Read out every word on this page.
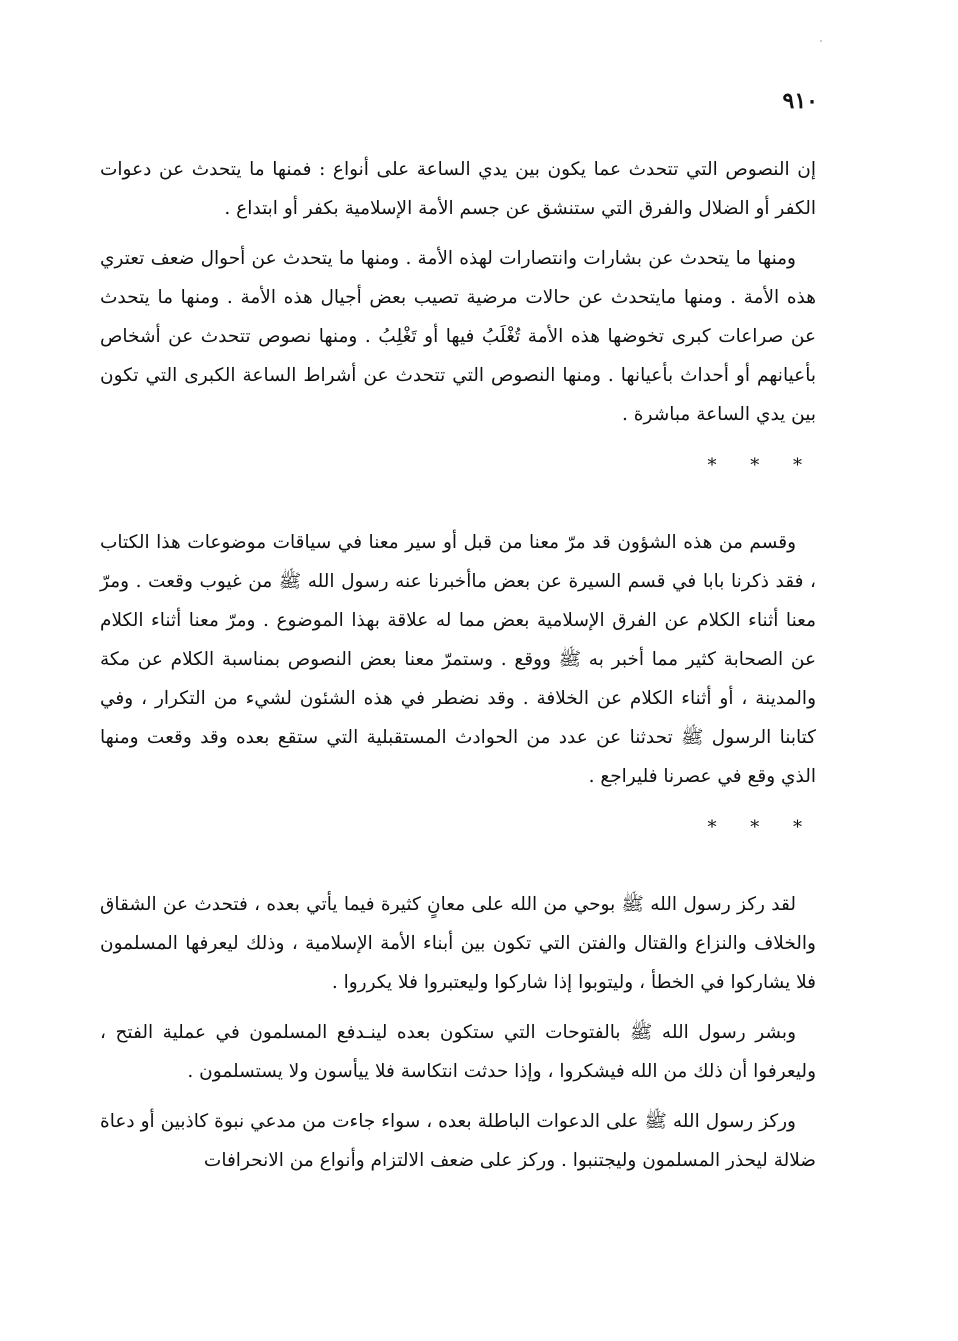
٩١٠

إن النصوص التي تتحدث عما يكون بين يدي الساعة على أنواع : فمنها ما يتحدث عن دعوات الكفر أو الضلال والفرق التي ستنشق عن جسم الأمة الإسلامية بكفر أو ابتداع .

ومنها ما يتحدث عن بشارات وانتصارات لهذه الأمة . ومنها ما يتحدث عن أحوال ضعف تعتري هذه الأمة . ومنها مايتحدث عن حالات مرضية تصيب بعض أجيال هذه الأمة . ومنها ما يتحدث عن صراعات كبرى تخوضها هذه الأمة تُغْلَبُ فيها أو تَغْلِبُ . ومنها نصوص تتحدث عن أشخاص بأعيانهم أو أحداث بأعيانها . ومنها النصوص التي تتحدث عن أشراط الساعة الكبرى التي تكون بين يدي الساعة مباشرة .

* * *

وقسم من هذه الشؤون قد مرّ معنا من قبل أو سير معنا في سياقات موضوعات هذا الكتاب ، فقد ذكرنا بابا في قسم السيرة عن بعض ماأخبرنا عنه رسول الله ﷺ من غيوب وقعت . ومرّ معنا أثناء الكلام عن الفرق الإسلامية بعض مما له علاقة بهذا الموضوع . ومرّ معنا أثناء الكلام عن الصحابة كثير مما أخبر به ﷺ ووقع . وستمرّ معنا بعض النصوص بمناسبة الكلام عن مكة والمدينة ، أو أثناء الكلام عن الخلافة . وقد نضطر في هذه الشئون لشيء من التكرار ، وفي كتابنا الرسول ﷺ تحدثنا عن عدد من الحوادث المستقبلية التي ستقع بعده وقد وقعت ومنها الذي وقع في عصرنا فليراجع .

* * *

لقد ركز رسول الله ﷺ بوحي من الله على معانٍ كثيرة فيما يأتي بعده ، فتحدث عن الشقاق والخلاف والنزاع والقتال والفتن التي تكون بين أبناء الأمة الإسلامية ، وذلك ليعرفها المسلمون فلا يشاركوا في الخطأ ، وليتوبوا إذا شاركوا وليعتبروا فلا يكرروا .

وبشر رسول الله ﷺ بالفتوحات التي ستكون بعده لينـدفع المسلمون في عملية الفتح ، وليعرفوا أن ذلك من الله فيشكروا ، وإذا حدثت انتكاسة فلا ييأسون ولا يستسلمون .

وركز رسول الله ﷺ على الدعوات الباطلة بعده ، سواء جاءت من مدعي نبوة كاذبين أو دعاة ضلالة ليحذر المسلمون وليجتنبوا . وركز على ضعف الالتزام وأنواع من الانحرافات
